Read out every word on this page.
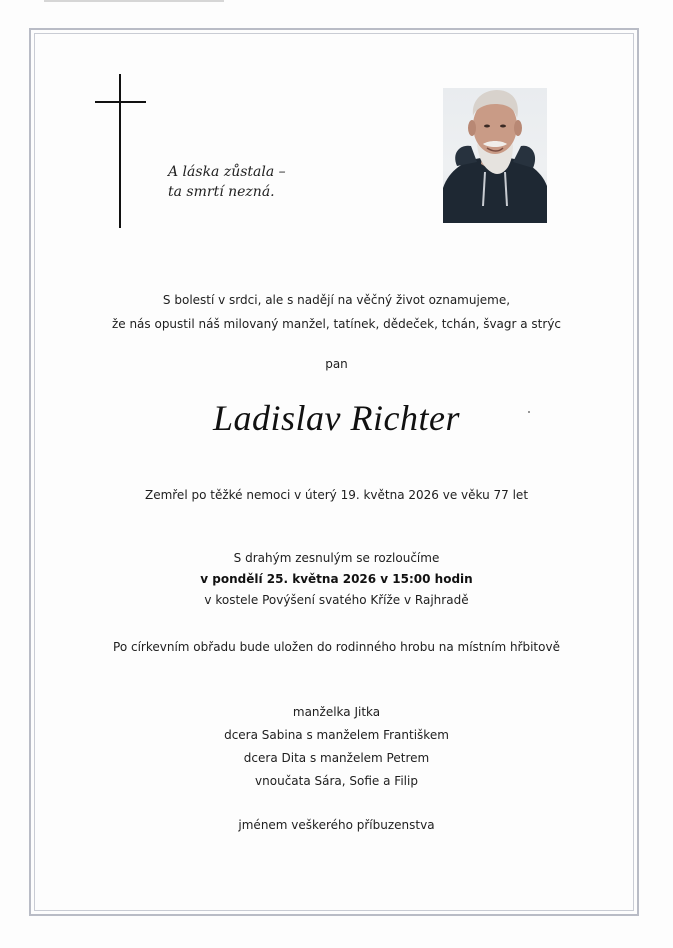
A láska zůstala –
ta smrtí nezná.
S bolestí v srdci, ale s nadějí na věčný život oznamujeme,
že nás opustil náš milovaný manžel, tatínek, dědeček, tchán, švagr a strýc
pan
Ladislav Richter
Zemřel po těžké nemoci v úterý 19. května 2026 ve věku 77 let
S drahým zesnulým se rozloučíme
v pondělí 25. května 2026 v 15:00 hodin
v kostele Povýšení svatého Kříže v Rajhradě
Po církevním obřadu bude uložen do rodinného hrobu na místním hřbitově
manželka Jitka
dcera Sabina s manželem Františkem
dcera Dita s manželem Petrem
vnoučata Sára, Sofie a Filip
jménem veškerého příbuzenstva
